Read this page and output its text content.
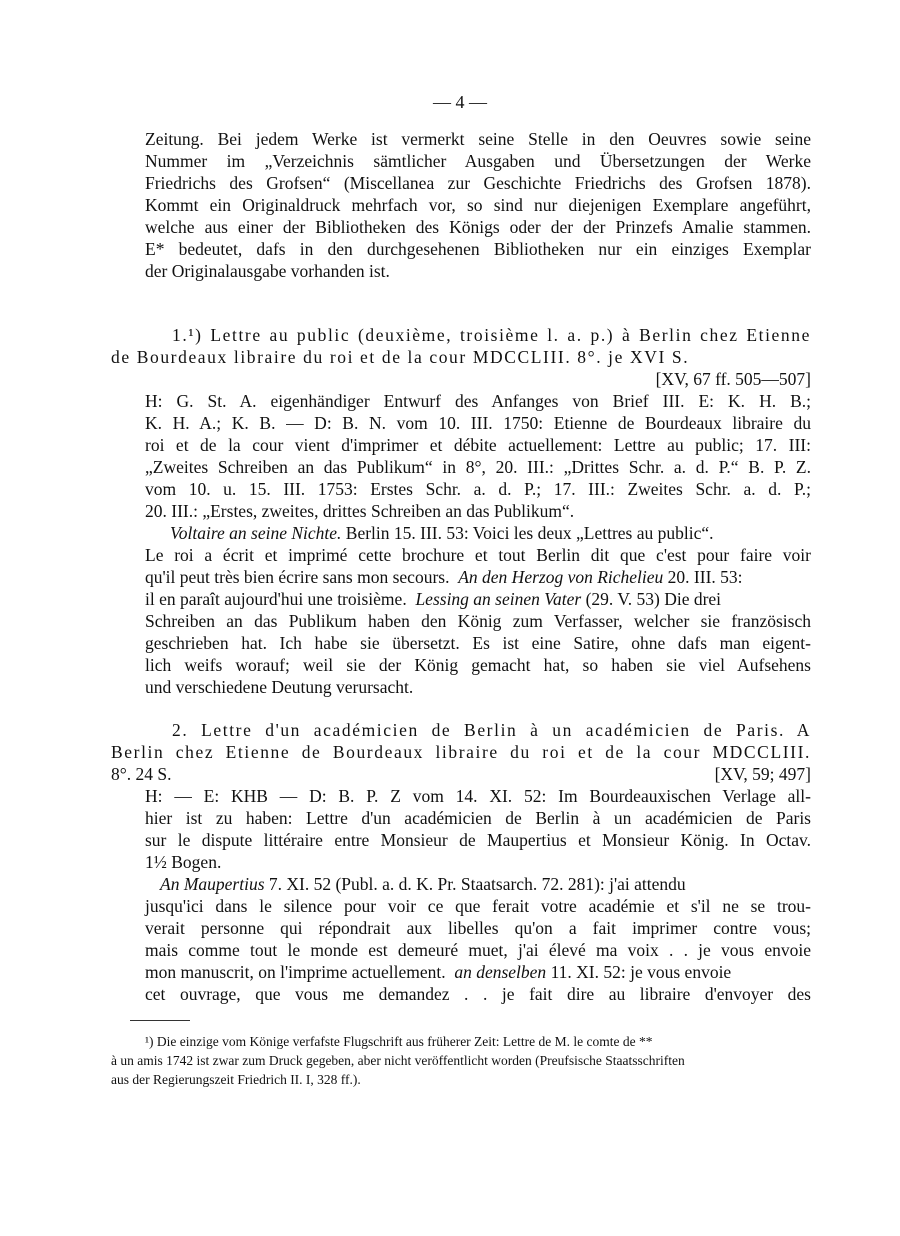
— 4 —

Zeitung. Bei jedem Werke ist vermerkt seine Stelle in den Oeuvres sowie seine

Nummer im „Verzeichnis sämtlicher Ausgaben und Übersetzungen der Werke

Friedrichs des Grofsen“ (Miscellanea zur Geschichte Friedrichs des Grofsen 1878).

Kommt ein Originaldruck mehrfach vor, so sind nur diejenigen Exemplare angeführt,

welche aus einer der Bibliotheken des Königs oder der der Prinzefs Amalie stammen.

E* bedeutet, dafs in den durchgesehenen Bibliotheken nur ein einziges Exemplar

der Originalausgabe vorhanden ist.

1.¹) Lettre au public (deuxième, troisième l. a. p.) à Berlin chez Etienne

de Bourdeaux libraire du roi et de la cour MDCCLIII. 8°. je XVI S.

[XV, 67 ff. 505—507]

H: G. St. A. eigenhändiger Entwurf des Anfanges von Brief III. E: K. H. B.;

K. H. A.; K. B. — D: B. N. vom 10. III. 1750: Etienne de Bourdeaux libraire du

roi et de la cour vient d'imprimer et débite actuellement: Lettre au public; 17. III:

„Zweites Schreiben an das Publikum“ in 8°, 20. III.: „Drittes Schr. a. d. P.“ B. P. Z.

vom 10. u. 15. III. 1753: Erstes Schr. a. d. P.; 17. III.: Zweites Schr. a. d. P.;

20. III.: „Erstes, zweites, drittes Schreiben an das Publikum“.

Voltaire an seine Nichte. Berlin 15. III. 53: Voici les deux „Lettres au public“.

Le roi a écrit et imprimé cette brochure et tout Berlin dit que c'est pour faire voir

qu'il peut très bien écrire sans mon secours. An den Herzog von Richelieu 20. III. 53:

il en paraît aujourd'hui une troisième. Lessing an seinen Vater (29. V. 53) Die drei

Schreiben an das Publikum haben den König zum Verfasser, welcher sie französisch

geschrieben hat. Ich habe sie übersetzt. Es ist eine Satire, ohne dafs man eigent-

lich weifs worauf; weil sie der König gemacht hat, so haben sie viel Aufsehens

und verschiedene Deutung verursacht.

2. Lettre d'un académicien de Berlin à un académicien de Paris. A

Berlin chez Etienne de Bourdeaux libraire du roi et de la cour MDCCLIII.

8°. 24 S.	[XV, 59; 497]

H: — E: KHB — D: B. P. Z vom 14. XI. 52: Im Bourdeauxischen Verlage all-

hier ist zu haben: Lettre d'un académicien de Berlin à un académicien de Paris

sur le dispute littéraire entre Monsieur de Maupertius et Monsieur König. In Octav.

1½ Bogen.

An Maupertius 7. XI. 52 (Publ. a. d. K. Pr. Staatsarch. 72. 281): j'ai attendu

jusqu'ici dans le silence pour voir ce que ferait votre académie et s'il ne se trou-

verait personne qui répondrait aux libelles qu'on a fait imprimer contre vous;

mais comme tout le monde est demeuré muet, j'ai élevé ma voix . . je vous envoie

mon manuscrit, on l'imprime actuellement. an denselben 11. XI. 52: je vous envoie

cet ouvrage, que vous me demandez . . je fait dire au libraire d'envoyer des

¹) Die einzige vom Könige verfafste Flugschrift aus früherer Zeit: Lettre de M. le comte de **

à un amis 1742 ist zwar zum Druck gegeben, aber nicht veröffentlicht worden (Preufsische Staatsschriften

aus der Regierungszeit Friedrich II. I, 328 ff.).
